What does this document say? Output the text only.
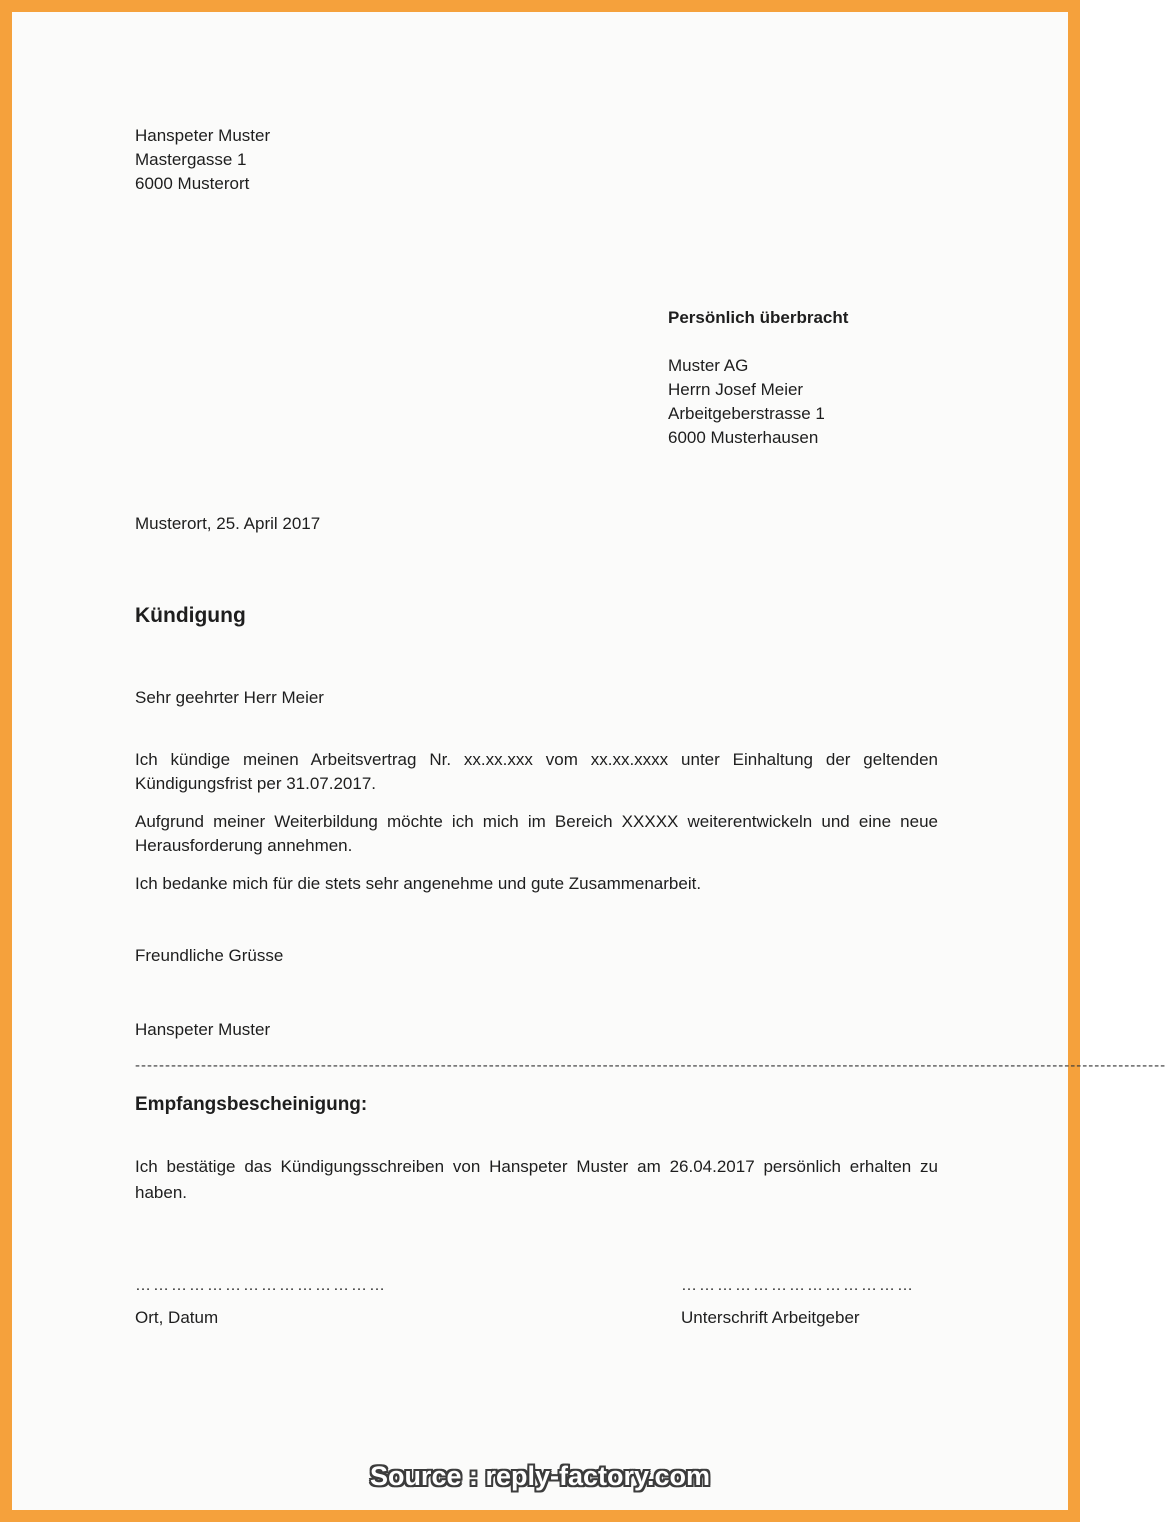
Hanspeter Muster
Mastergasse 1
6000 Musterort
Persönlich überbracht
Muster AG
Herrn Josef Meier
Arbeitgeberstrasse 1
6000 Musterhausen
Musterort, 25. April 2017
Kündigung
Sehr geehrter Herr Meier
Ich kündige meinen Arbeitsvertrag Nr. xx.xx.xxx vom xx.xx.xxxx unter Einhaltung der geltenden Kündigungsfrist per 31.07.2017.
Aufgrund meiner Weiterbildung möchte ich mich im Bereich XXXXX weiterentwickeln und eine neue Herausforderung annehmen.
Ich bedanke mich für die stets sehr angenehme und gute Zusammenarbeit.
Freundliche Grüsse
Hanspeter Muster
----------------------------------------------------------------------------------------------------------------------------------------------------------------------------
Empfangsbescheinigung:
Ich bestätige das Kündigungsschreiben von Hanspeter Muster am 26.04.2017 persönlich erhalten zu haben.
……………………………………
Ort, Datum
…………………………………
Unterschrift Arbeitgeber
Source : reply-factory.com
